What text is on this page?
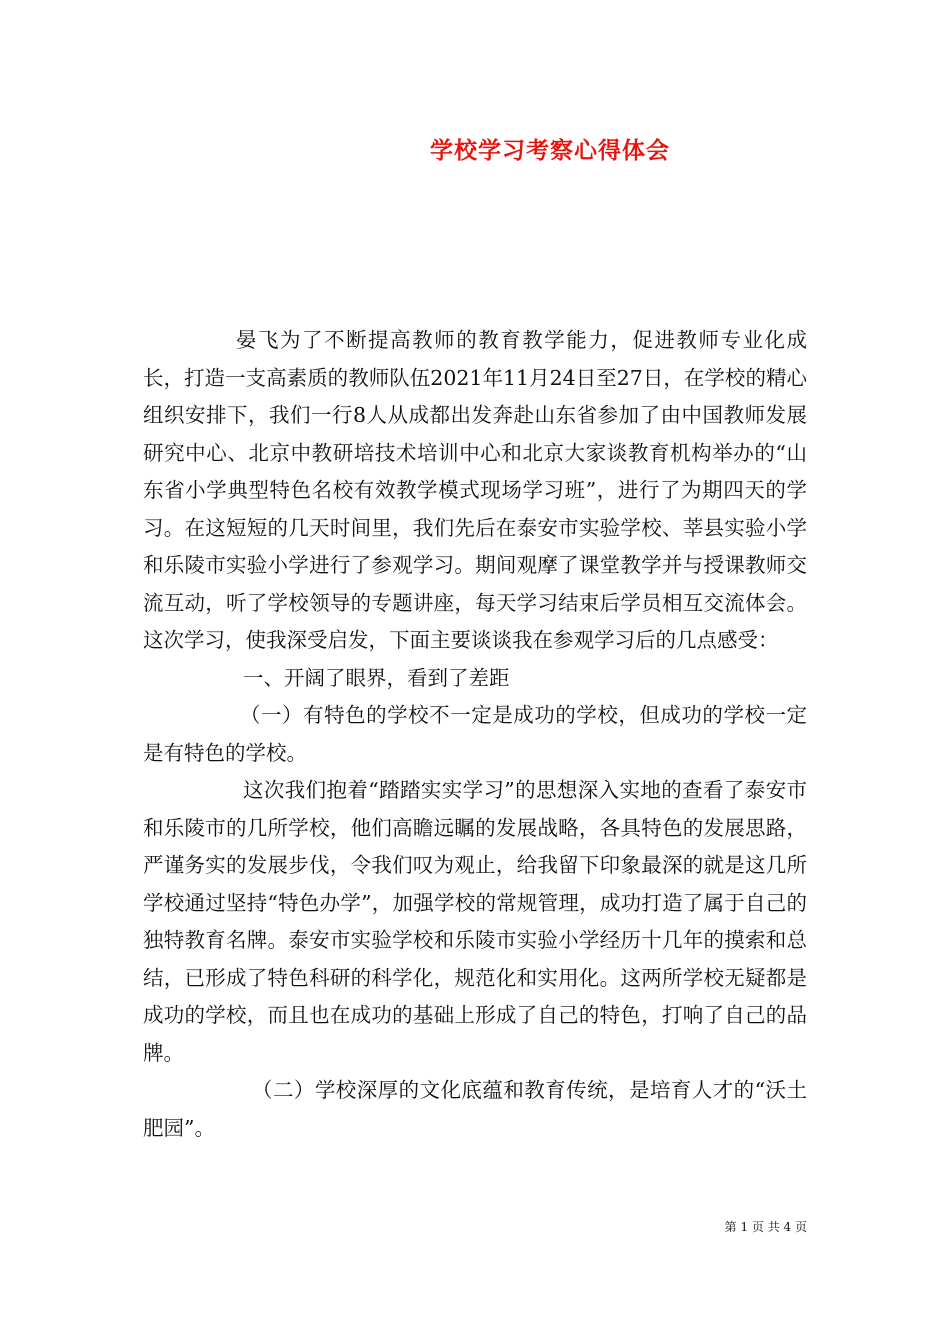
学校学习考察心得体会

晏飞为了不断提高教师的教育教学能力，促进教师专业化成长，打造一支高素质的教师队伍2021年11月24日至27日，在学校的精心组织安排下，我们一行8人从成都出发奔赴山东省参加了由中国教师发展研究中心、北京中教研培技术培训中心和北京大家谈教育机构举办的“山东省小学典型特色名校有效教学模式现场学习班”，进行了为期四天的学习。在这短短的几天时间里，我们先后在泰安市实验学校、莘县实验小学和乐陵市实验小学进行了参观学习。期间观摩了课堂教学并与授课教师交流互动，听了学校领导的专题讲座，每天学习结束后学员相互交流体会。这次学习，使我深受启发，下面主要谈谈我在参观学习后的几点感受：

一、开阔了眼界，看到了差距

（一）有特色的学校不一定是成功的学校，但成功的学校一定是有特色的学校。

这次我们抱着“踏踏实实学习”的思想深入实地的查看了泰安市和乐陵市的几所学校，他们高瞻远瞩的发展战略，各具特色的发展思路，严谨务实的发展步伐，令我们叹为观止，给我留下印象最深的就是这几所学校通过坚持“特色办学”，加强学校的常规管理，成功打造了属于自己的独特教育名牌。泰安市实验学校和乐陵市实验小学经历十几年的摸索和总结，已形成了特色科研的科学化，规范化和实用化。这两所学校无疑都是成功的学校，而且也在成功的基础上形成了自己的特色，打响了自己的品牌。

（二）学校深厚的文化底蕴和教育传统，是培育人才的“沃土肥园”。

第 1 页 共 4 页
